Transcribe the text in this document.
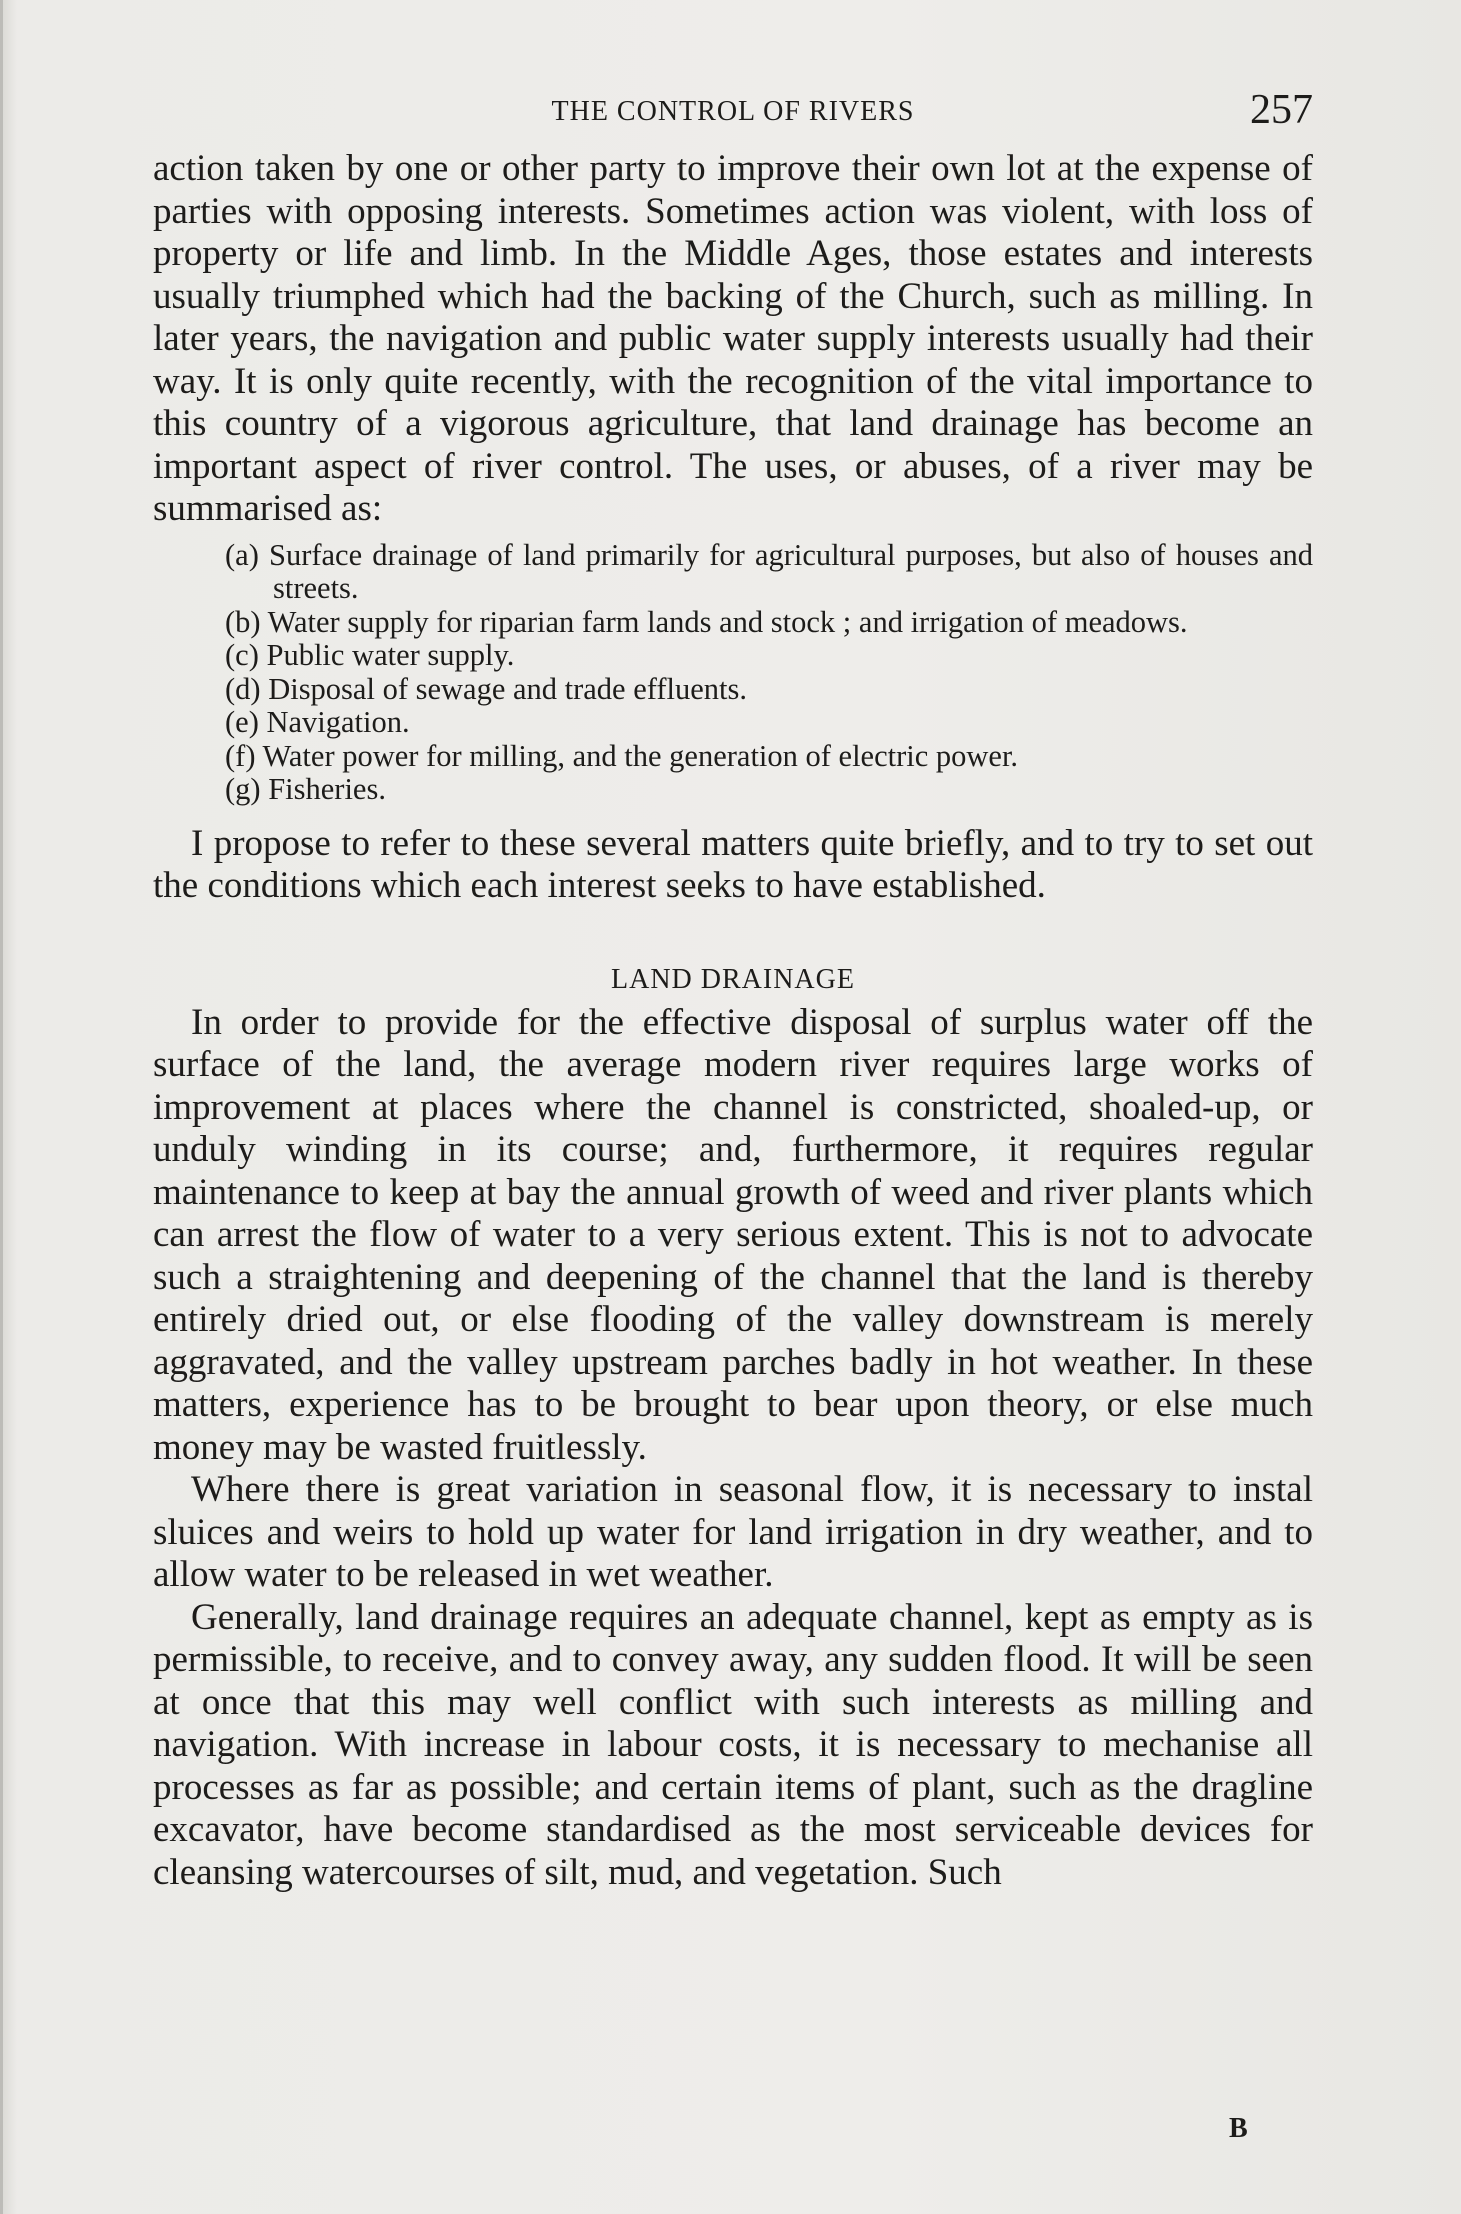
THE CONTROL OF RIVERS	257

action taken by one or other party to improve their own lot at the expense of parties with opposing interests. Sometimes action was violent, with loss of property or life and limb. In the Middle Ages, those estates and interests usually triumphed which had the backing of the Church, such as milling. In later years, the navigation and public water supply interests usually had their way. It is only quite recently, with the recognition of the vital importance to this country of a vigorous agriculture, that land drainage has become an important aspect of river control. The uses, or abuses, of a river may be summarised as:

(a) Surface drainage of land primarily for agricultural purposes, but also of houses and streets.
(b) Water supply for riparian farm lands and stock ; and irrigation of meadows.
(c) Public water supply.
(d) Disposal of sewage and trade effluents.
(e) Navigation.
(f) Water power for milling, and the generation of electric power.
(g) Fisheries.

I propose to refer to these several matters quite briefly, and to try to set out the conditions which each interest seeks to have established.

LAND DRAINAGE

In order to provide for the effective disposal of surplus water off the surface of the land, the average modern river requires large works of improvement at places where the channel is constricted, shoaled-up, or unduly winding in its course; and, furthermore, it requires regular maintenance to keep at bay the annual growth of weed and river plants which can arrest the flow of water to a very serious extent. This is not to advocate such a straightening and deepening of the channel that the land is thereby entirely dried out, or else flooding of the valley downstream is merely aggravated, and the valley upstream parches badly in hot weather. In these matters, experience has to be brought to bear upon theory, or else much money may be wasted fruitlessly.

Where there is great variation in seasonal flow, it is necessary to instal sluices and weirs to hold up water for land irrigation in dry weather, and to allow water to be released in wet weather.

Generally, land drainage requires an adequate channel, kept as empty as is permissible, to receive, and to convey away, any sudden flood. It will be seen at once that this may well conflict with such interests as milling and navigation. With increase in labour costs, it is necessary to mechanise all processes as far as possible; and certain items of plant, such as the dragline excavator, have become standardised as the most serviceable devices for cleansing watercourses of silt, mud, and vegetation. Such

B
